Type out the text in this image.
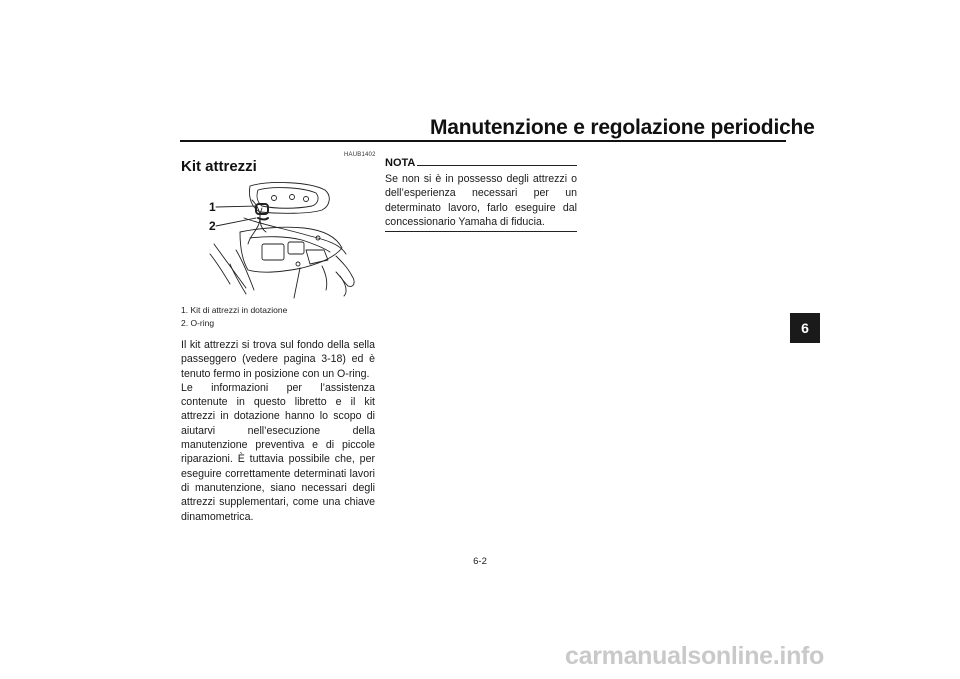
Manutenzione e regolazione periodiche
6
HAUB1402
Kit attrezzi
1
2
1. Kit di attrezzi in dotazione
2. O-ring

Il kit attrezzi si trova sul fondo della sella passeggero (vedere pagina 3-18) ed è tenuto fermo in posizione con un O-ring.

Le informazioni per l’assistenza contenute in questo libretto e il kit attrezzi in dotazione hanno lo scopo di aiutarvi nell’esecuzione della manutenzione preventiva e di piccole riparazioni. È tuttavia possibile che, per eseguire correttamente determinati lavori di manutenzione, siano necessari degli attrezzi supplementari, come una chiave dinamometrica.

NOTA
Se non si è in possesso degli attrezzi o dell’esperienza necessari per un determinato lavoro, farlo eseguire dal concessionario Yamaha di fiducia.
6-2
carmanualsonline.info
